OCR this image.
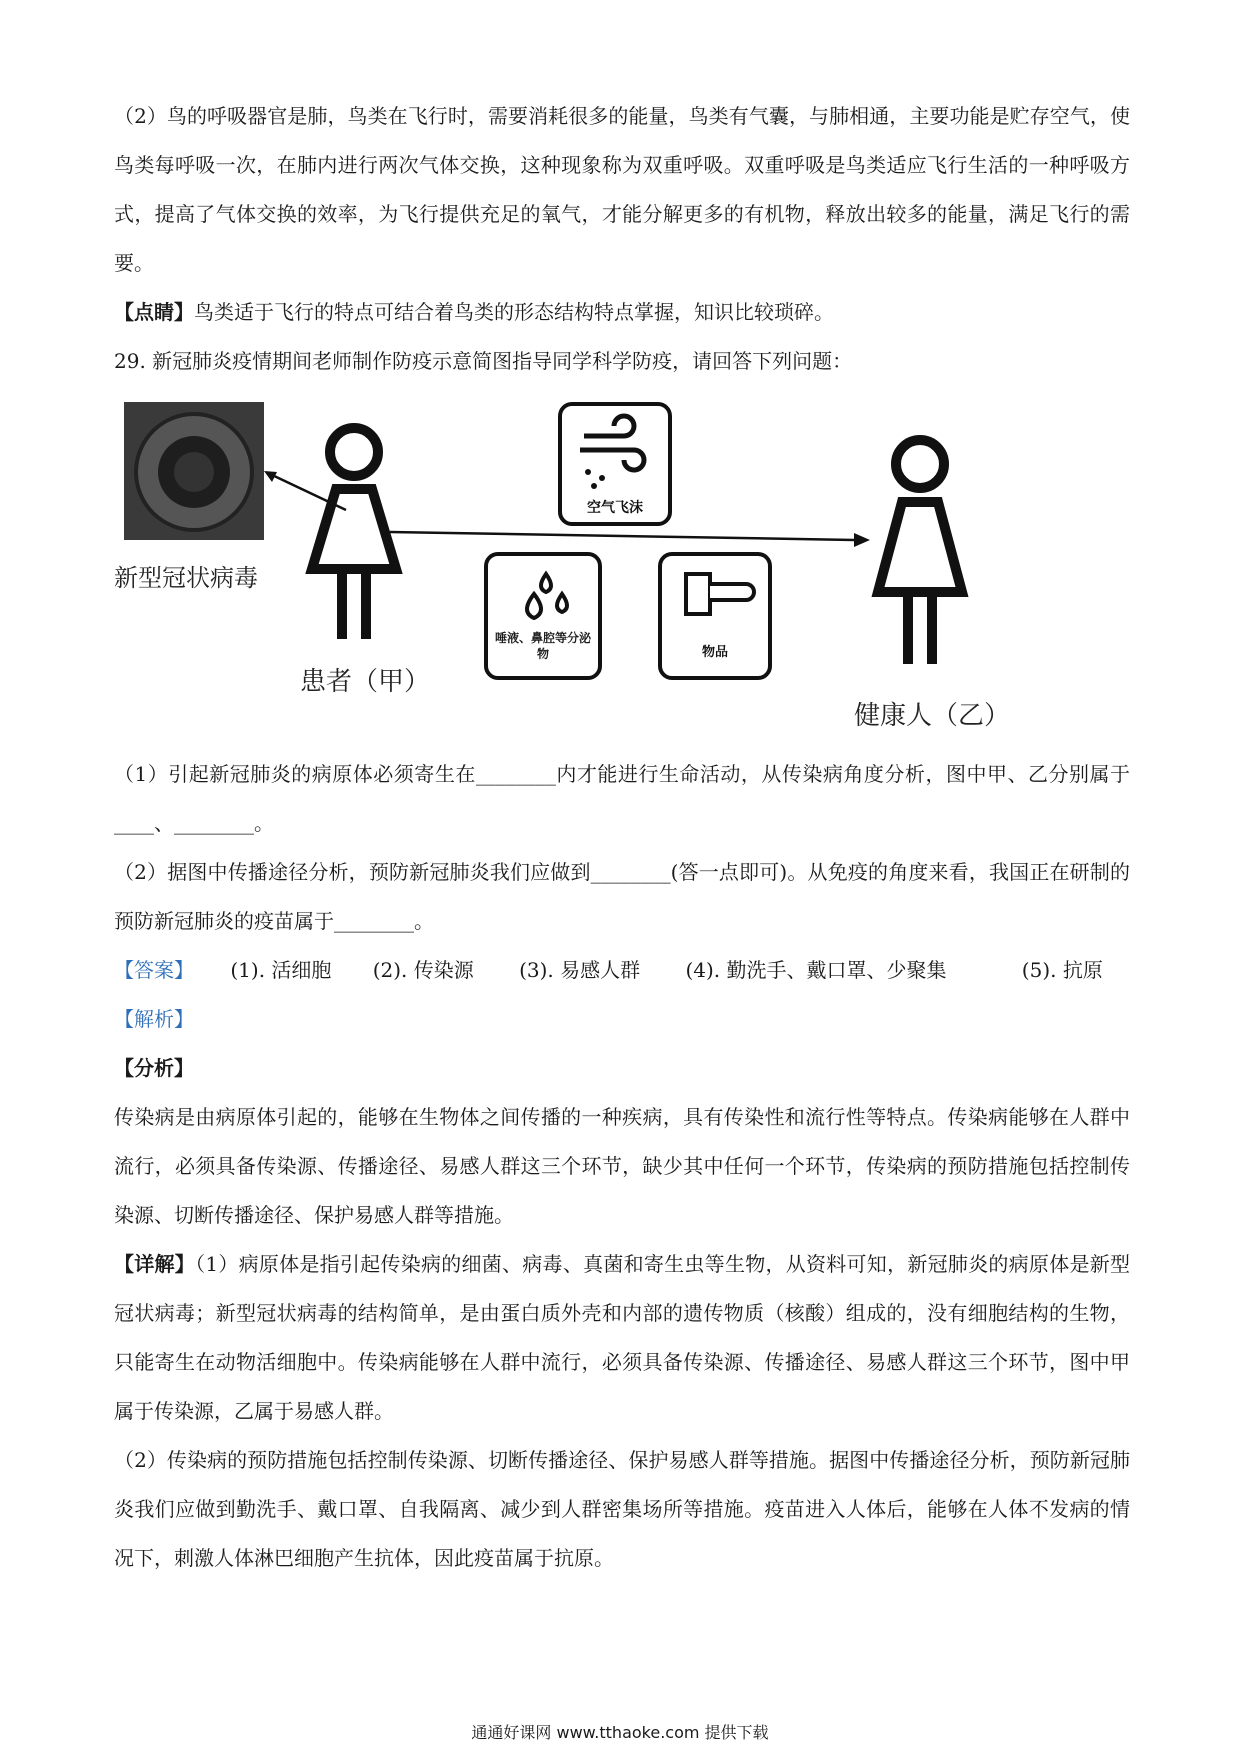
（2）鸟的呼吸器官是肺，鸟类在飞行时，需要消耗很多的能量，鸟类有气囊，与肺相通，主要功能是贮存空气，使鸟类每呼吸一次，在肺内进行两次气体交换，这种现象称为双重呼吸。双重呼吸是鸟类适应飞行生活的一种呼吸方式，提高了气体交换的效率，为飞行提供充足的氧气，才能分解更多的有机物，释放出较多的能量，满足飞行的需要。

【点睛】鸟类适于飞行的特点可结合着鸟类的形态结构特点掌握，知识比较琐碎。

29. 新冠肺炎疫情期间老师制作防疫示意简图指导同学科学防疫，请回答下列问题：

新型冠状病毒
患者（甲）
空气飞沫
唾液、鼻腔等分泌物	物品
健康人（乙）

（1）引起新冠肺炎的病原体必须寄生在________内才能进行生命活动，从传染病角度分析，图中甲、乙分别属于____、________。

（2）据图中传播途径分析，预防新冠肺炎我们应做到________(答一点即可)。从免疫的角度来看，我国正在研制的预防新冠肺炎的疫苗属于________。

【答案】 (1). 活细胞 (2). 传染源 (3). 易感人群 (4). 勤洗手、戴口罩、少聚集	(5). 抗原

【解析】

【分析】

传染病是由病原体引起的，能够在生物体之间传播的一种疾病，具有传染性和流行性等特点。传染病能够在人群中流行，必须具备传染源、传播途径、易感人群这三个环节，缺少其中任何一个环节，传染病的预防措施包括控制传染源、切断传播途径、保护易感人群等措施。

【详解】（1）病原体是指引起传染病的细菌、病毒、真菌和寄生虫等生物，从资料可知，新冠肺炎的病原体是新型冠状病毒；新型冠状病毒的结构简单，是由蛋白质外壳和内部的遗传物质（核酸）组成的，没有细胞结构的生物，只能寄生在动物活细胞中。传染病能够在人群中流行，必须具备传染源、传播途径、易感人群这三个环节，图中甲属于传染源，乙属于易感人群。

（2）传染病的预防措施包括控制传染源、切断传播途径、保护易感人群等措施。据图中传播途径分析，预防新冠肺炎我们应做到勤洗手、戴口罩、自我隔离、减少到人群密集场所等措施。疫苗进入人体后，能够在人体不发病的情况下，刺激人体淋巴细胞产生抗体，因此疫苗属于抗原。

通通好课网 www.tthaoke.com 提供下载
